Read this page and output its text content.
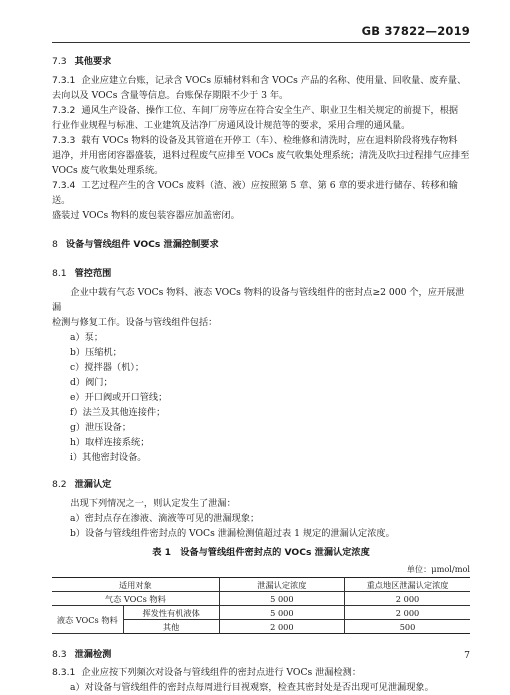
GB 37822—2019

7.3 其他要求

7.3.1 企业应建立台账，记录含 VOCs 原辅材料和含 VOCs 产品的名称、使用量、回收量、废弃量、
去向以及 VOCs 含量等信息。台账保存期限不少于 3 年。

7.3.2 通风生产设备、操作工位、车间厂房等应在符合安全生产、职业卫生相关规定的前提下，根据
行业作业规程与标准、工业建筑及洁净厂房通风设计规范等的要求，采用合理的通风量。

7.3.3 载有 VOCs 物料的设备及其管道在开停工（车）、检维修和清洗时，应在退料阶段将残存物料
退净，并用密闭容器盛装，退料过程废气应排至 VOCs 废气收集处理系统；清洗及吹扫过程排气应排至
VOCs 废气收集处理系统。

7.3.4 工艺过程产生的含 VOCs 废料（渣、液）应按照第 5 章、第 6 章的要求进行储存、转移和输送。
盛装过 VOCs 物料的废包装容器应加盖密闭。

8 设备与管线组件 VOCs 泄漏控制要求

8.1 管控范围

企业中载有气态 VOCs 物料、液态 VOCs 物料的设备与管线组件的密封点≥2 000 个，应开展泄漏
检测与修复工作。设备与管线组件包括：

a）泵；

b）压缩机；

c）搅拌器（机）；

d）阀门；

e）开口阀或开口管线；

f）法兰及其他连接件；

g）泄压设备；

h）取样连接系统；

i）其他密封设备。

8.2 泄漏认定

出现下列情况之一，则认定发生了泄漏：

a）密封点存在渗液、滴液等可见的泄漏现象；

b）设备与管线组件密封点的 VOCs 泄漏检测值超过表 1 规定的泄漏认定浓度。

表 1　设备与管线组件密封点的 VOCs 泄漏认定浓度
单位：μmol/mol
适用对象		泄漏认定浓度	重点地区泄漏认定浓度
气态 VOCs 物料		5 000	2 000
液态 VOCs 物料	挥发性有机液体	5 000	2 000
	其他	2 000	500

8.3 泄漏检测

8.3.1 企业应按下列频次对设备与管线组件的密封点进行 VOCs 泄漏检测：

a）对设备与管线组件的密封点每周进行目视观察，检查其密封处是否出现可见泄漏现象。

7
